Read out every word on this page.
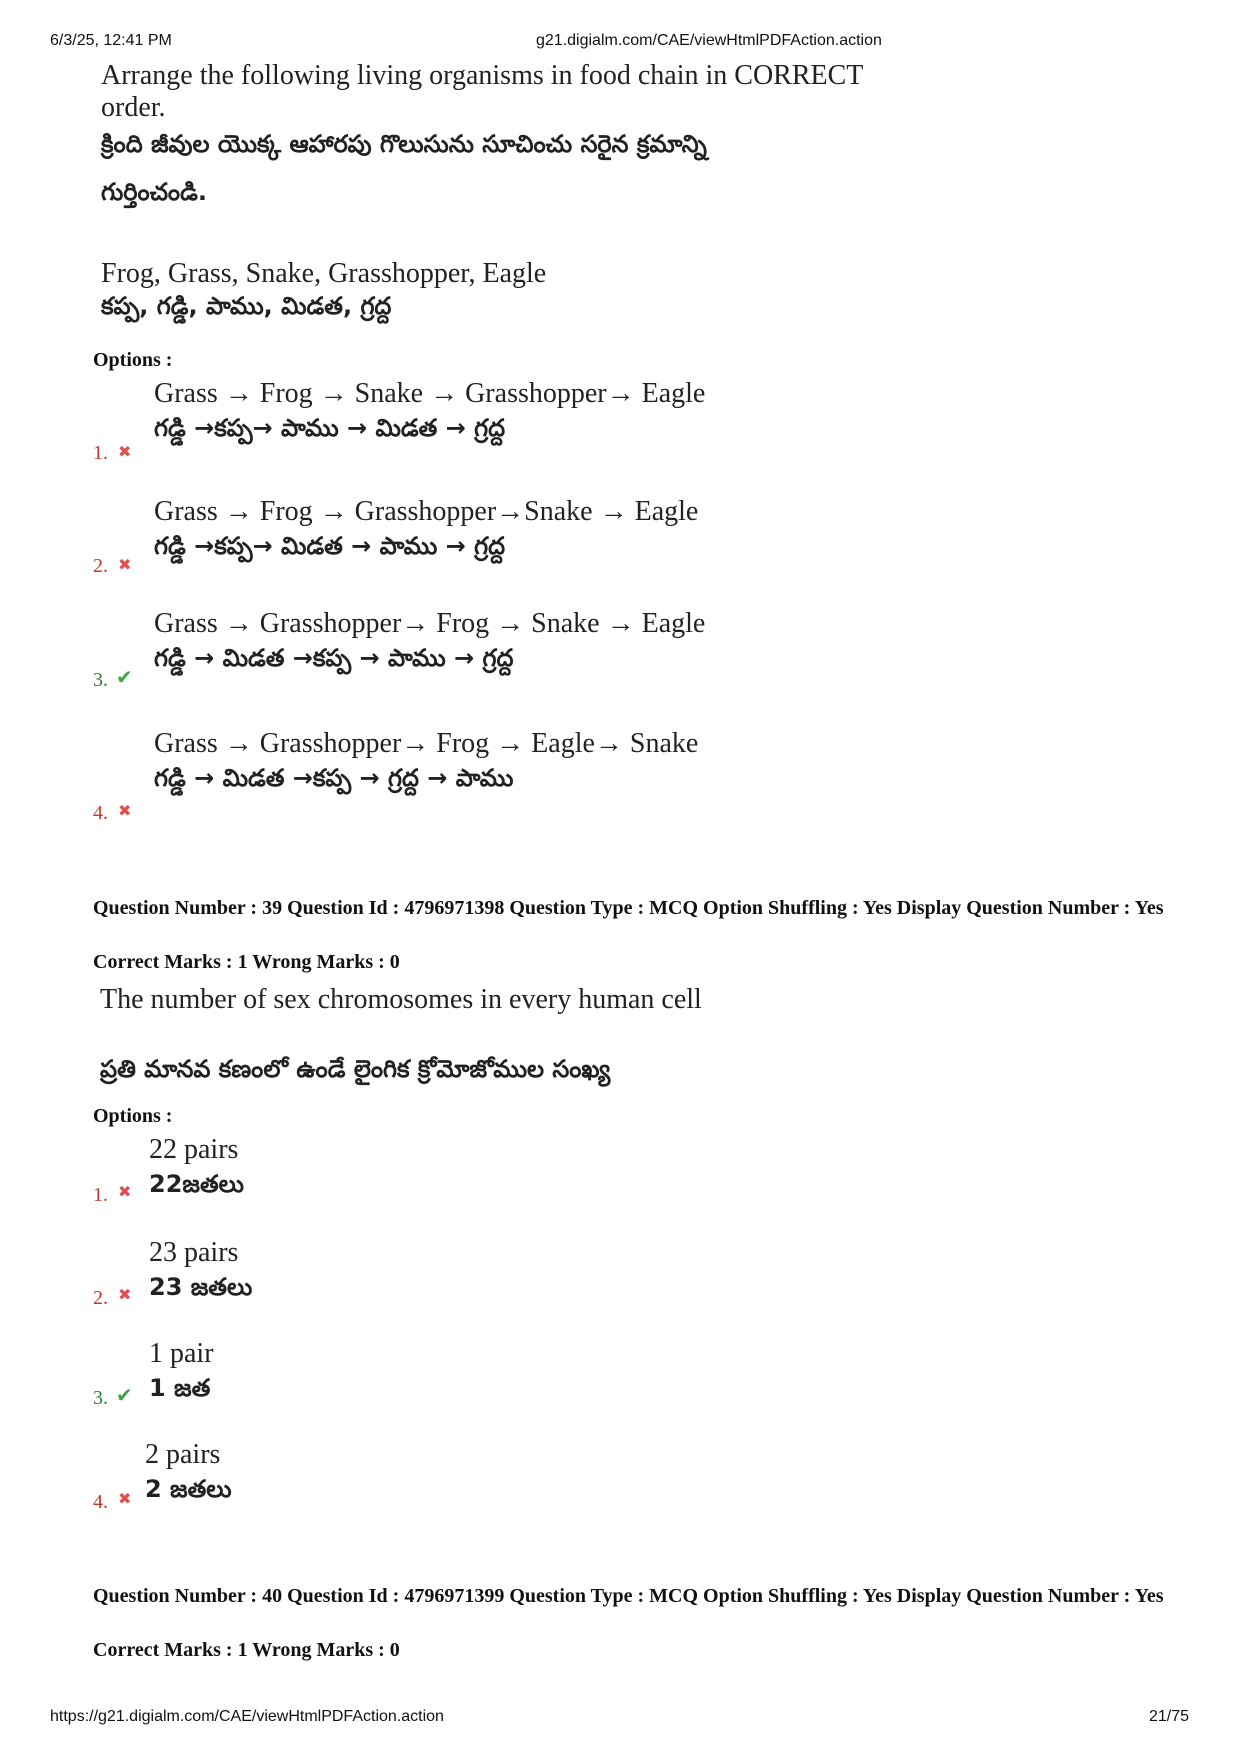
6/3/25, 12:41 PM	g21.digialm.com/CAE/viewHtmlPDFAction.action
Arrange the following living organisms in food chain in CORRECT
order.
క్రింది జీవుల యొక్క ఆహారపు గొలుసును సూచించు సరైన క్రమాన్ని
గుర్తించండి.
Frog, Grass, Snake, Grasshopper, Eagle
కప్ప, గడ్డి, పాము, మిడత, గ్రద్ద
Options :
Grass → Frog → Snake → Grasshopper→ Eagle
గడ్డి →కప్ప→ పాము → మిడత → గ్రద్ద
1. ✖
Grass → Frog → Grasshopper→Snake → Eagle
గడ్డి →కప్ప→ మిడత → పాము → గ్రద్ద
2. ✖
Grass → Grasshopper→ Frog → Snake → Eagle
గడ్డి → మిడత →కప్ప → పాము → గ్రద్ద
3. ✔
Grass → Grasshopper→ Frog → Eagle→ Snake
గడ్డి → మిడత →కప్ప → గ్రద్ద → పాము
4. ✖
Question Number : 39 Question Id : 4796971398 Question Type : MCQ Option Shuffling : Yes Display Question Number : Yes
Correct Marks : 1 Wrong Marks : 0
The number of sex chromosomes in every human cell
ప్రతి మానవ కణంలో ఉండే లైంగిక క్రోమోజోముల సంఖ్య
Options :
22 pairs
22జతలు
1. ✖
23 pairs
23 జతలు
2. ✖
1 pair
1 జత
3. ✔
2 pairs
2 జతలు
4. ✖
Question Number : 40 Question Id : 4796971399 Question Type : MCQ Option Shuffling : Yes Display Question Number : Yes
Correct Marks : 1 Wrong Marks : 0
https://g21.digialm.com/CAE/viewHtmlPDFAction.action	21/75
